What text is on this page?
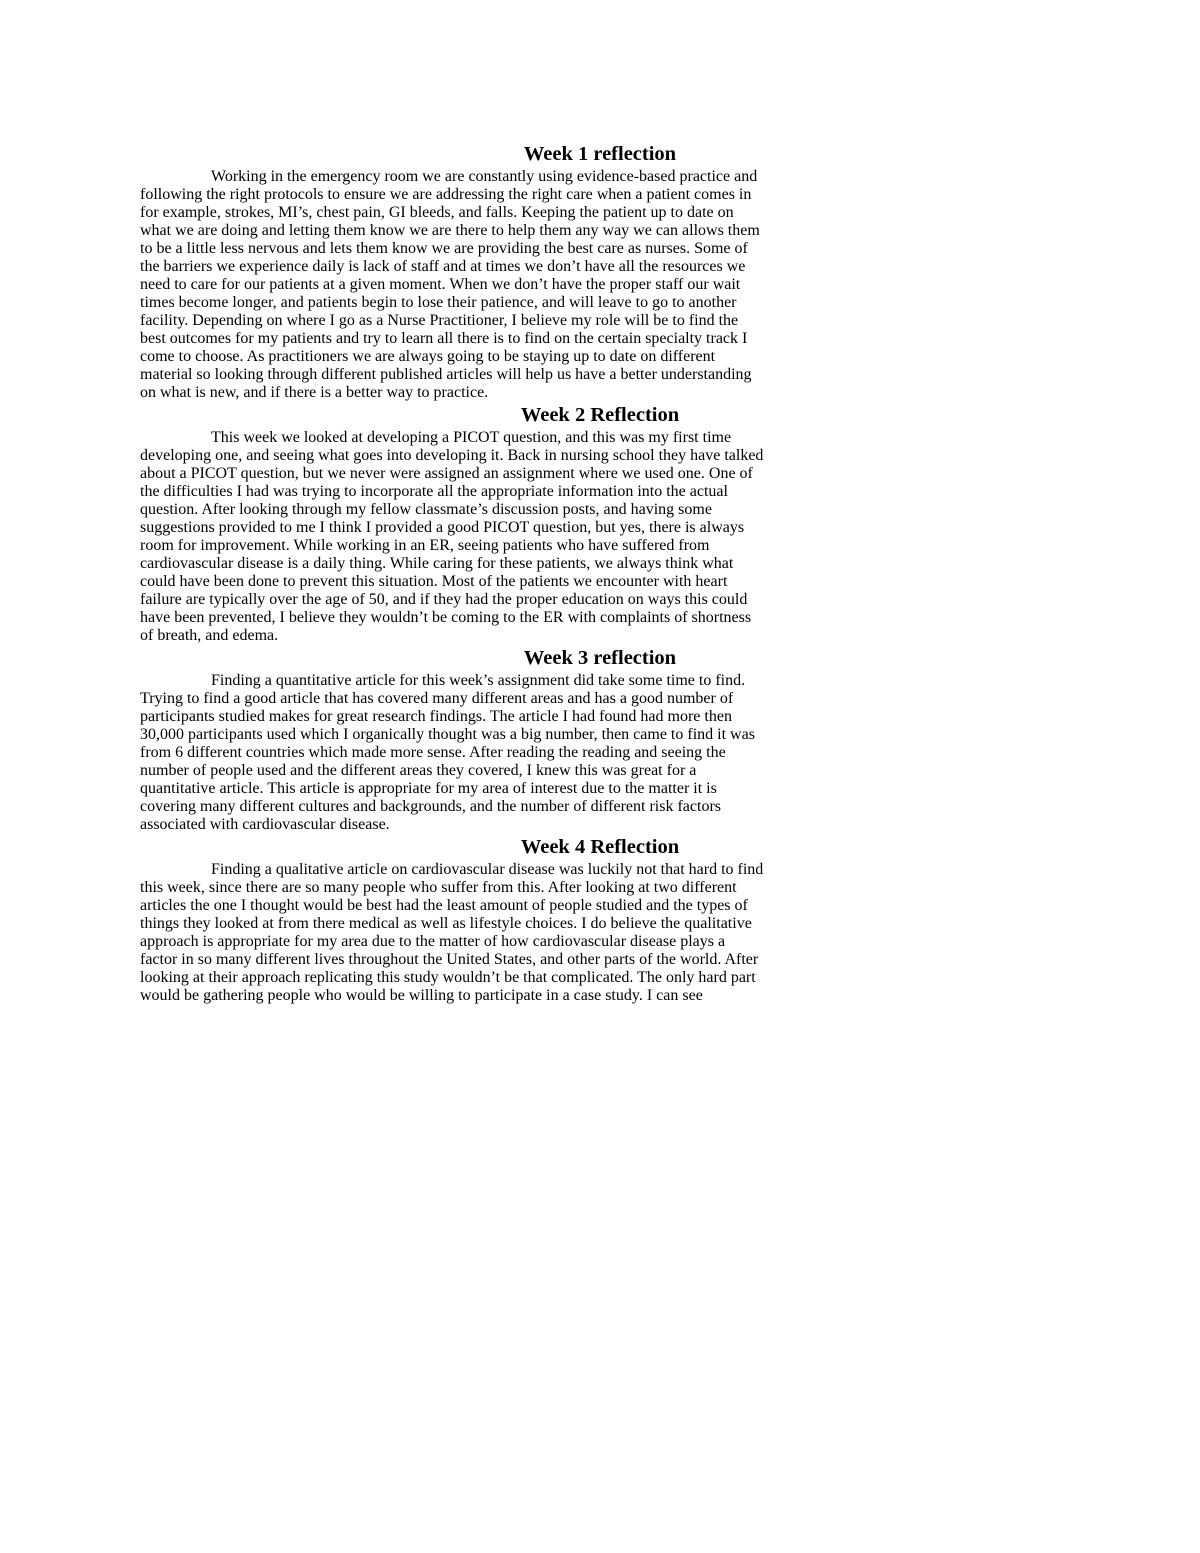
Week 1 reflection
Working in the emergency room we are constantly using evidence-based practice and
following the right protocols to ensure we are addressing the right care when a patient comes in
for example, strokes, MI’s, chest pain, GI bleeds, and falls. Keeping the patient up to date on
what we are doing and letting them know we are there to help them any way we can allows them
to be a little less nervous and lets them know we are providing the best care as nurses. Some of
the barriers we experience daily is lack of staff and at times we don’t have all the resources we
need to care for our patients at a given moment. When we don’t have the proper staff our wait
times become longer, and patients begin to lose their patience, and will leave to go to another
facility. Depending on where I go as a Nurse Practitioner, I believe my role will be to find the
best outcomes for my patients and try to learn all there is to find on the certain specialty track I
come to choose. As practitioners we are always going to be staying up to date on different
material so looking through different published articles will help us have a better understanding
on what is new, and if there is a better way to practice.
Week 2 Reflection
This week we looked at developing a PICOT question, and this was my first time
developing one, and seeing what goes into developing it. Back in nursing school they have talked
about a PICOT question, but we never were assigned an assignment where we used one. One of
the difficulties I had was trying to incorporate all the appropriate information into the actual
question. After looking through my fellow classmate’s discussion posts, and having some
suggestions provided to me I think I provided a good PICOT question, but yes, there is always
room for improvement. While working in an ER, seeing patients who have suffered from
cardiovascular disease is a daily thing. While caring for these patients, we always think what
could have been done to prevent this situation. Most of the patients we encounter with heart
failure are typically over the age of 50, and if they had the proper education on ways this could
have been prevented, I believe they wouldn’t be coming to the ER with complaints of shortness
of breath, and edema.
Week 3 reflection
Finding a quantitative article for this week’s assignment did take some time to find.
Trying to find a good article that has covered many different areas and has a good number of
participants studied makes for great research findings. The article I had found had more then
30,000 participants used which I organically thought was a big number, then came to find it was
from 6 different countries which made more sense. After reading the reading and seeing the
number of people used and the different areas they covered, I knew this was great for a
quantitative article. This article is appropriate for my area of interest due to the matter it is
covering many different cultures and backgrounds, and the number of different risk factors
associated with cardiovascular disease.
Week 4 Reflection
Finding a qualitative article on cardiovascular disease was luckily not that hard to find
this week, since there are so many people who suffer from this. After looking at two different
articles the one I thought would be best had the least amount of people studied and the types of
things they looked at from there medical as well as lifestyle choices. I do believe the qualitative
approach is appropriate for my area due to the matter of how cardiovascular disease plays a
factor in so many different lives throughout the United States, and other parts of the world. After
looking at their approach replicating this study wouldn’t be that complicated. The only hard part
would be gathering people who would be willing to participate in a case study. I can see
